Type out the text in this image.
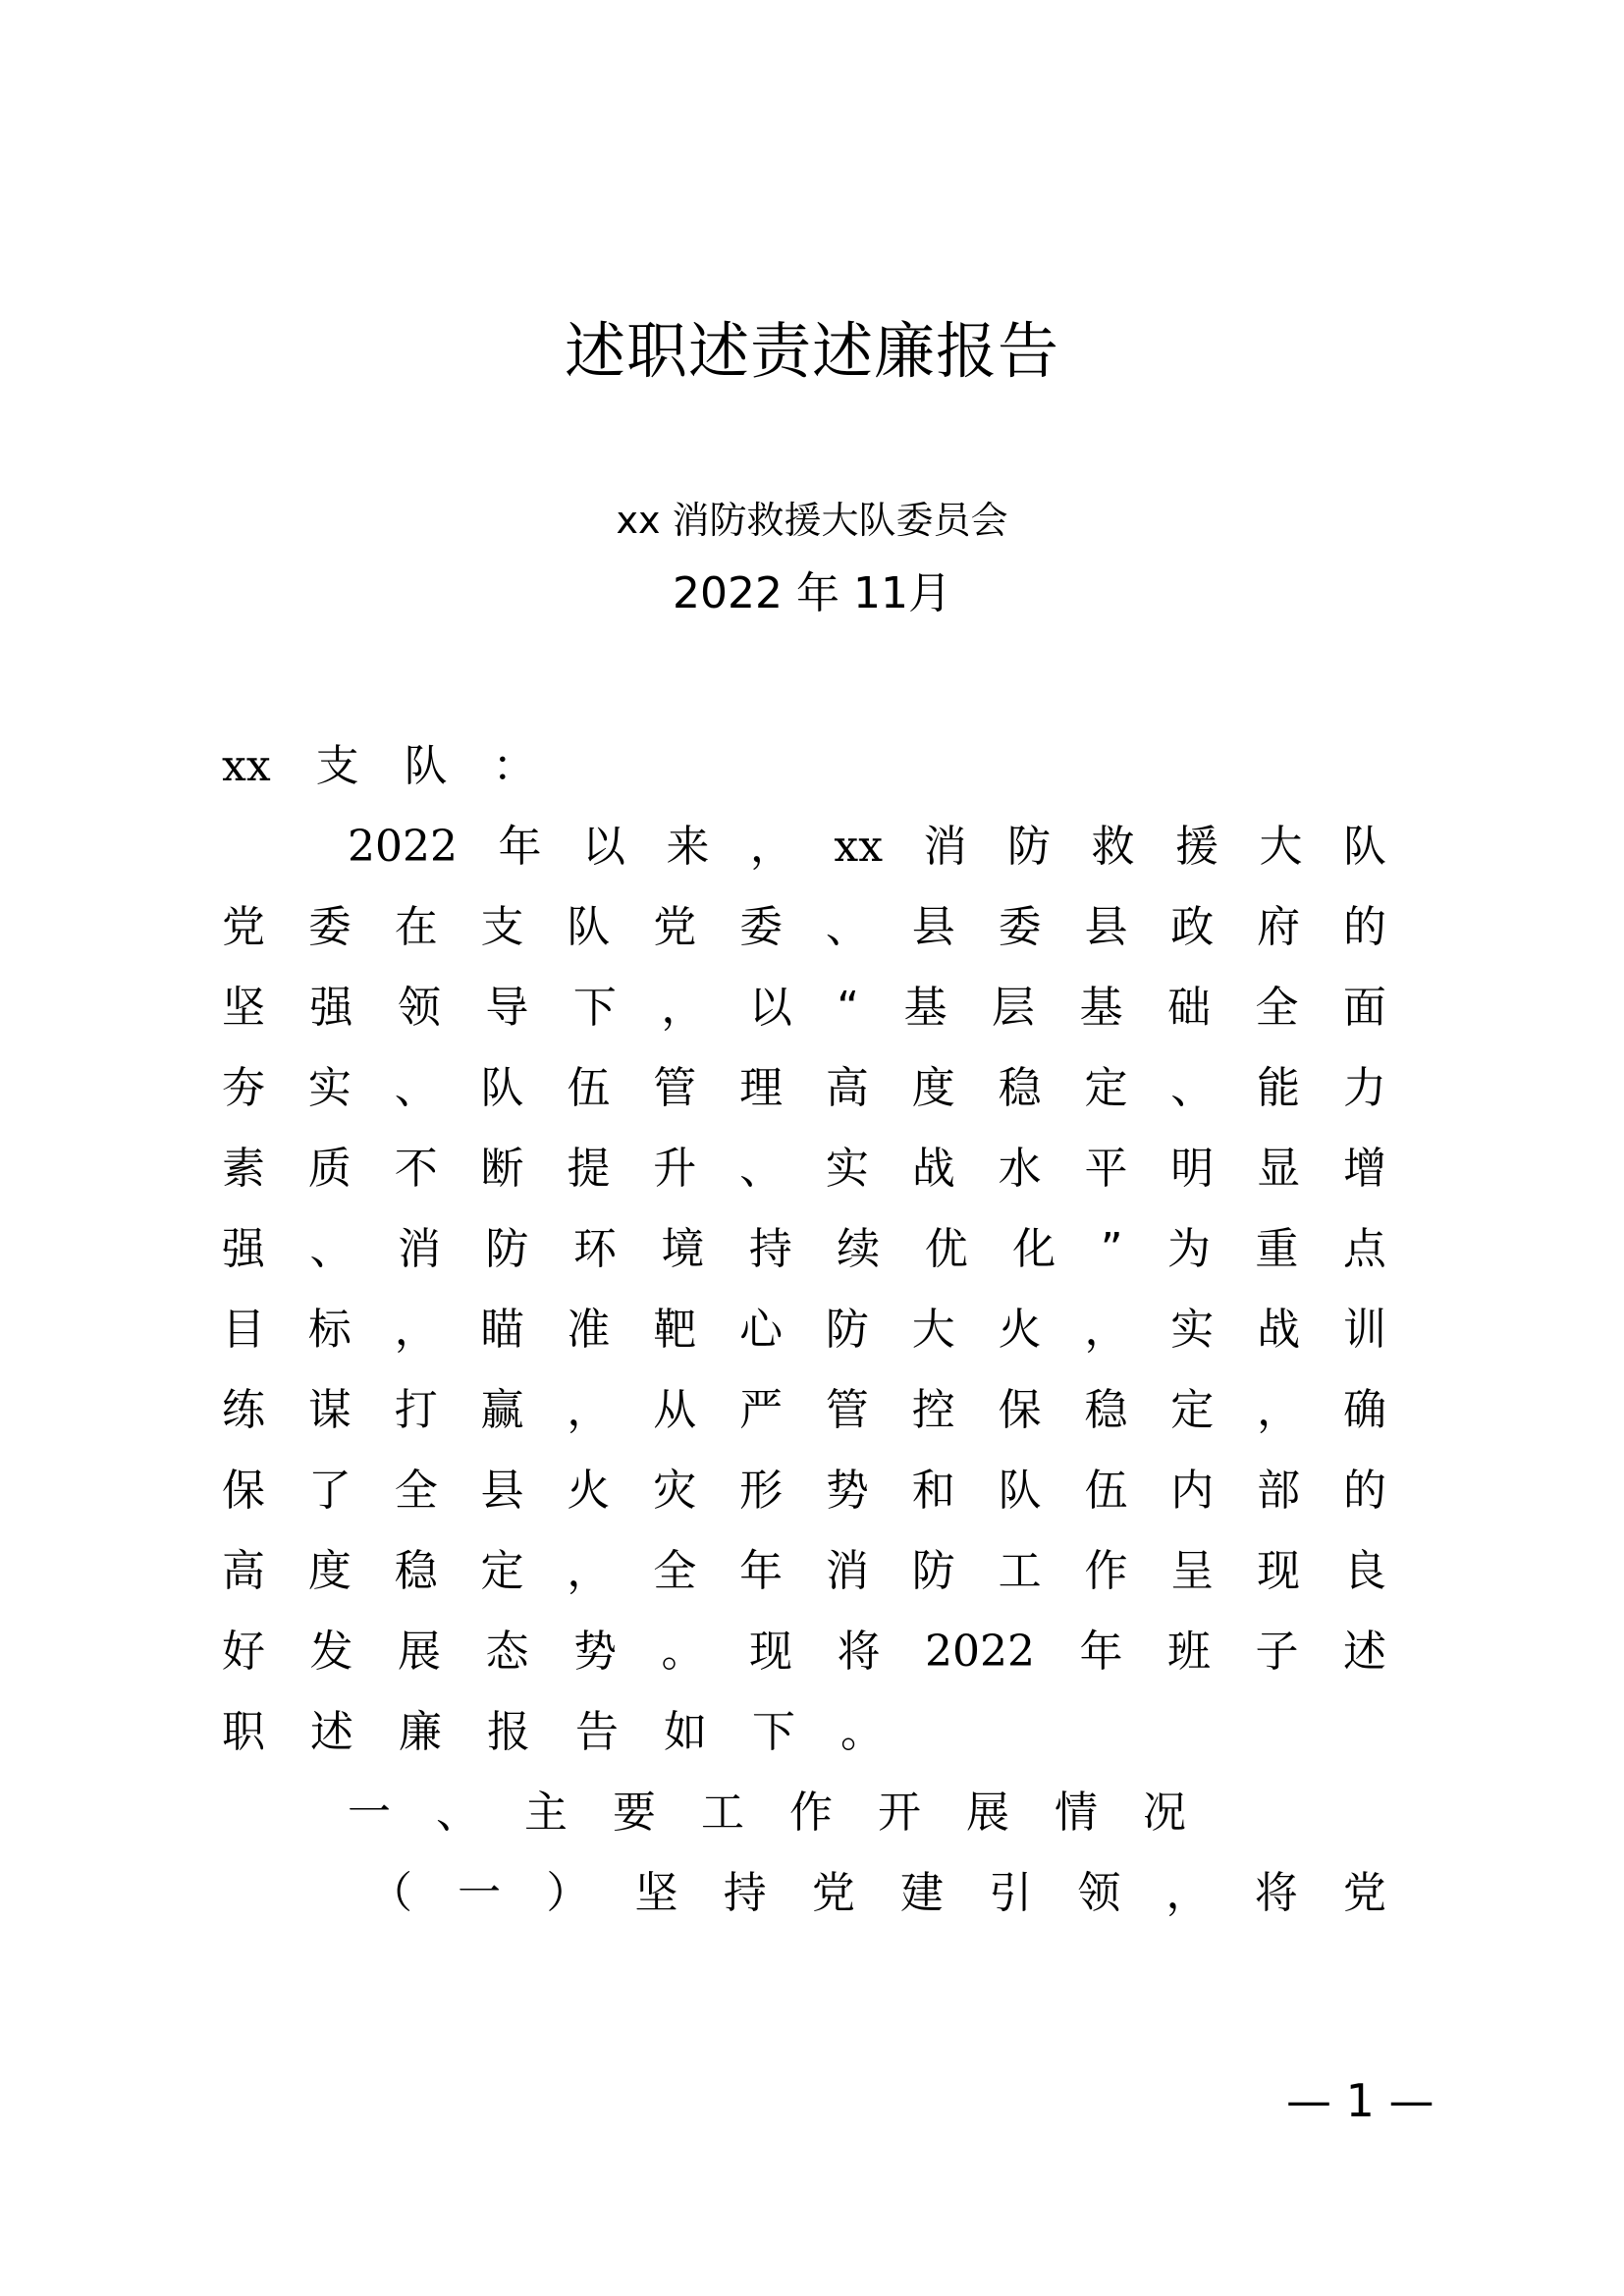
述职述责述廉报告
xx 消防救援大队委员会
2022 年 11月
xx 支 队 ：
2022 年 以 来 ， xx 消 防 救 援 大 队
党 委 在 支 队 党 委 、 县 委 县 政 府 的
坚 强 领 导 下 ， 以 “ 基 层 基 础 全 面
夯 实 、 队 伍 管 理 高 度 稳 定 、 能 力
素 质 不 断 提 升 、 实 战 水 平 明 显 增
强 、 消 防 环 境 持 续 优 化 ” 为 重 点
目 标 ， 瞄 准 靶 心 防 大 火 ， 实 战 训
练 谋 打 赢 ， 从 严 管 控 保 稳 定 ， 确
保 了 全 县 火 灾 形 势 和 队 伍 内 部 的
高 度 稳 定 ， 全 年 消 防 工 作 呈 现 良
好 发 展 态 势 。 现 将 2022 年 班 子 述
职 述 廉 报 告 如 下 。
一 、 主 要 工 作 开 展 情 况
（ 一 ） 坚 持 党 建 引 领 ， 将 党
— 1 —
